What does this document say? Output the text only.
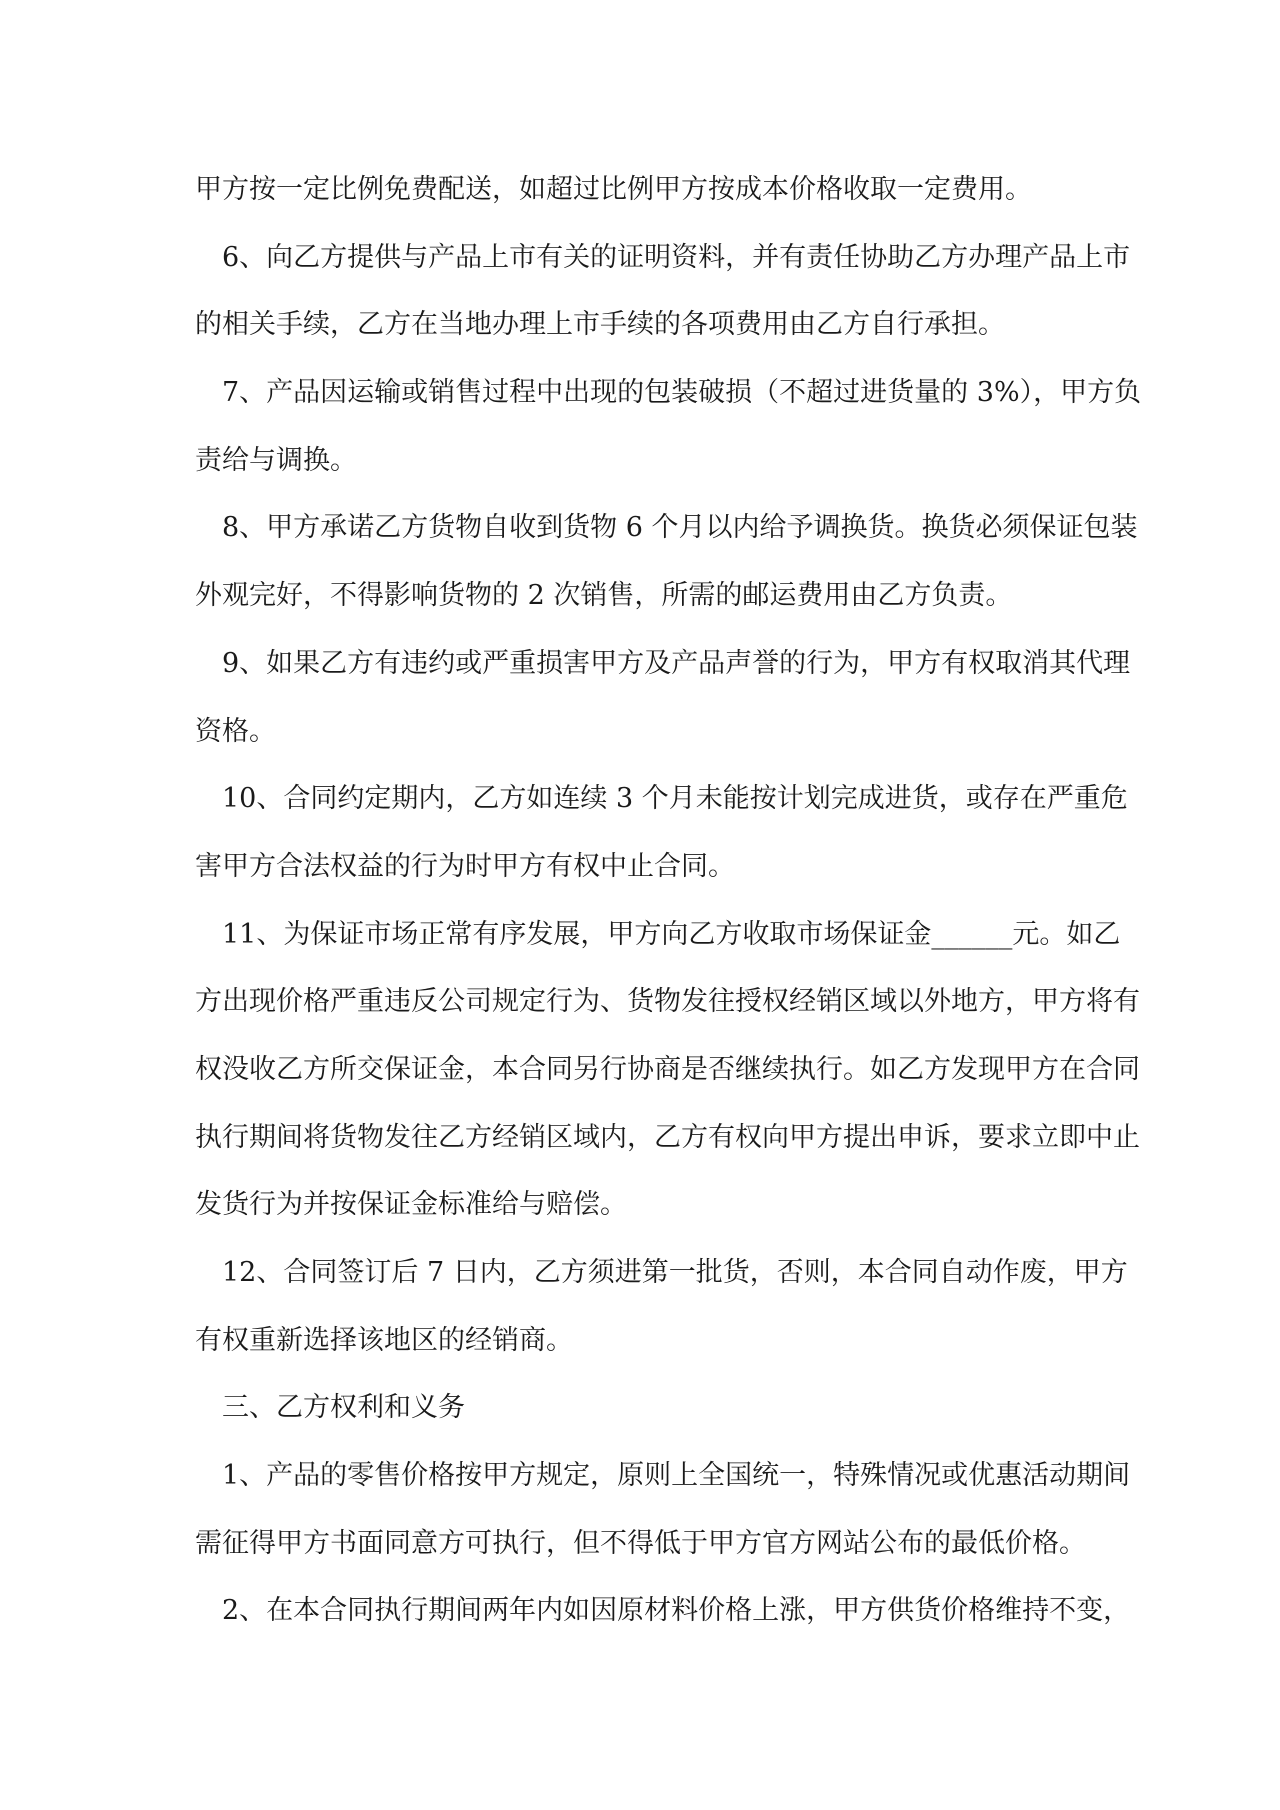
甲方按一定比例免费配送，如超过比例甲方按成本价格收取一定费用。
6、向乙方提供与产品上市有关的证明资料，并有责任协助乙方办理产品上市
的相关手续，乙方在当地办理上市手续的各项费用由乙方自行承担。
7、产品因运输或销售过程中出现的包装破损（不超过进货量的 3%），甲方负
责给与调换。
8、甲方承诺乙方货物自收到货物 6 个月以内给予调换货。换货必须保证包装
外观完好，不得影响货物的 2 次销售，所需的邮运费用由乙方负责。
9、如果乙方有违约或严重损害甲方及产品声誉的行为，甲方有权取消其代理
资格。
10、合同约定期内，乙方如连续 3 个月未能按计划完成进货，或存在严重危
害甲方合法权益的行为时甲方有权中止合同。
11、为保证市场正常有序发展，甲方向乙方收取市场保证金______元。如乙
方出现价格严重违反公司规定行为、货物发往授权经销区域以外地方，甲方将有
权没收乙方所交保证金，本合同另行协商是否继续执行。如乙方发现甲方在合同
执行期间将货物发往乙方经销区域内，乙方有权向甲方提出申诉，要求立即中止
发货行为并按保证金标准给与赔偿。
12、合同签订后 7 日内，乙方须进第一批货，否则，本合同自动作废，甲方
有权重新选择该地区的经销商。
三、乙方权利和义务
1、产品的零售价格按甲方规定，原则上全国统一，特殊情况或优惠活动期间
需征得甲方书面同意方可执行，但不得低于甲方官方网站公布的最低价格。
2、在本合同执行期间两年内如因原材料价格上涨，甲方供货价格维持不变，
